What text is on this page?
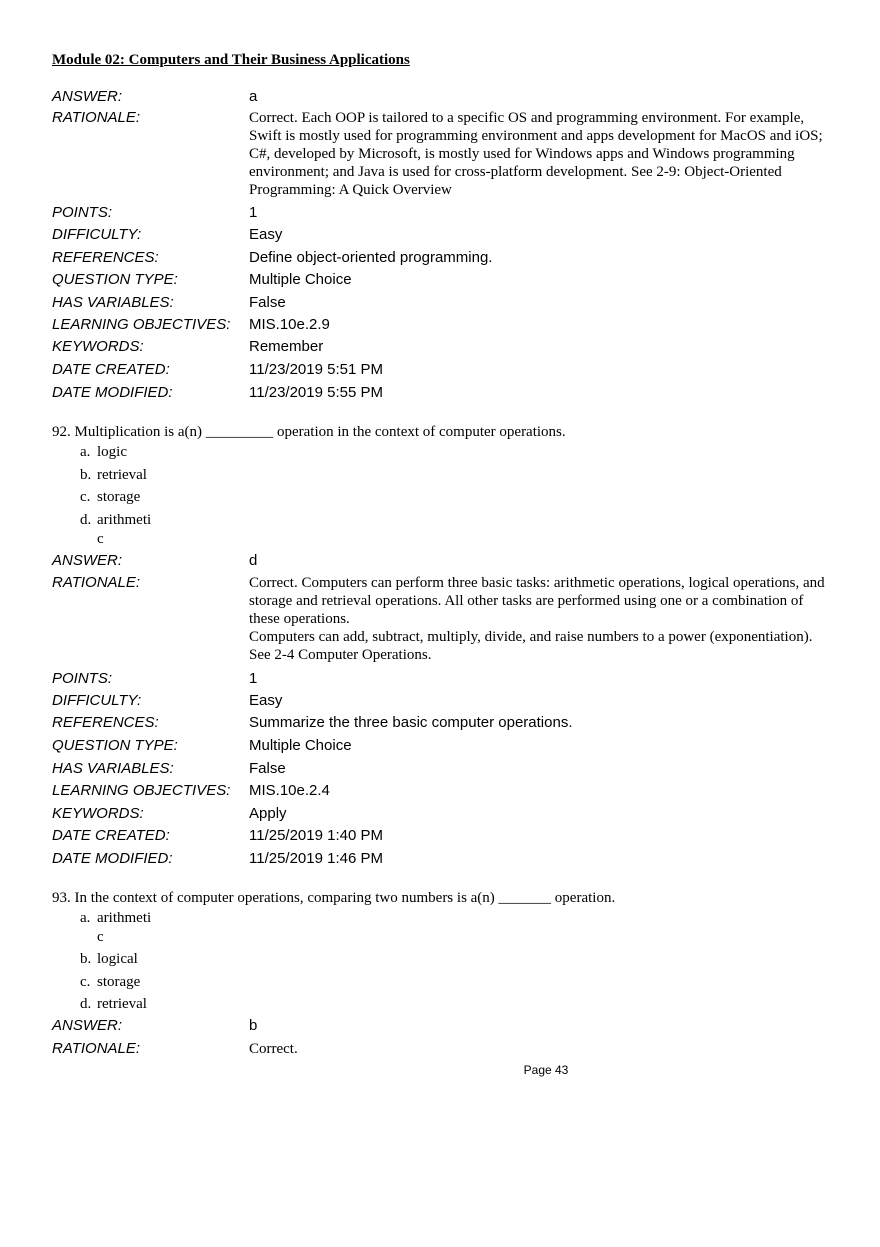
Module 02: Computers and Their Business Applications
ANSWER:	a
RATIONALE:	Correct. Each OOP is tailored to a specific OS and programming environment. For example, Swift is mostly used for programming environment and apps development for MacOS and iOS; C#, developed by Microsoft, is mostly used for Windows apps and Windows programming environment; and Java is used for cross-platform development. See 2-9: Object-Oriented Programming: A Quick Overview
POINTS:	1
DIFFICULTY:	Easy
REFERENCES:	Define object-oriented programming.
QUESTION TYPE:	Multiple Choice
HAS VARIABLES:	False
LEARNING OBJECTIVES:	MIS.10e.2.9
KEYWORDS:	Remember
DATE CREATED:	11/23/2019 5:51 PM
DATE MODIFIED:	11/23/2019 5:55 PM
92. Multiplication is a(n) _________ operation in the context of computer operations.
a. logic
b. retrieval
c. storage
d. arithmetic
ANSWER:	d
RATIONALE:	Correct. Computers can perform three basic tasks: arithmetic operations, logical operations, and storage and retrieval operations. All other tasks are performed using one or a combination of these operations.
Computers can add, subtract, multiply, divide, and raise numbers to a power (exponentiation). See 2-4 Computer Operations.
POINTS:	1
DIFFICULTY:	Easy
REFERENCES:	Summarize the three basic computer operations.
QUESTION TYPE:	Multiple Choice
HAS VARIABLES:	False
LEARNING OBJECTIVES:	MIS.10e.2.4
KEYWORDS:	Apply
DATE CREATED:	11/25/2019 1:40 PM
DATE MODIFIED:	11/25/2019 1:46 PM
93. In the context of computer operations, comparing two numbers is a(n) _______ operation.
a. arithmetic
b. logical
c. storage
d. retrieval
ANSWER:	b
RATIONALE:	Correct.
Page 43
